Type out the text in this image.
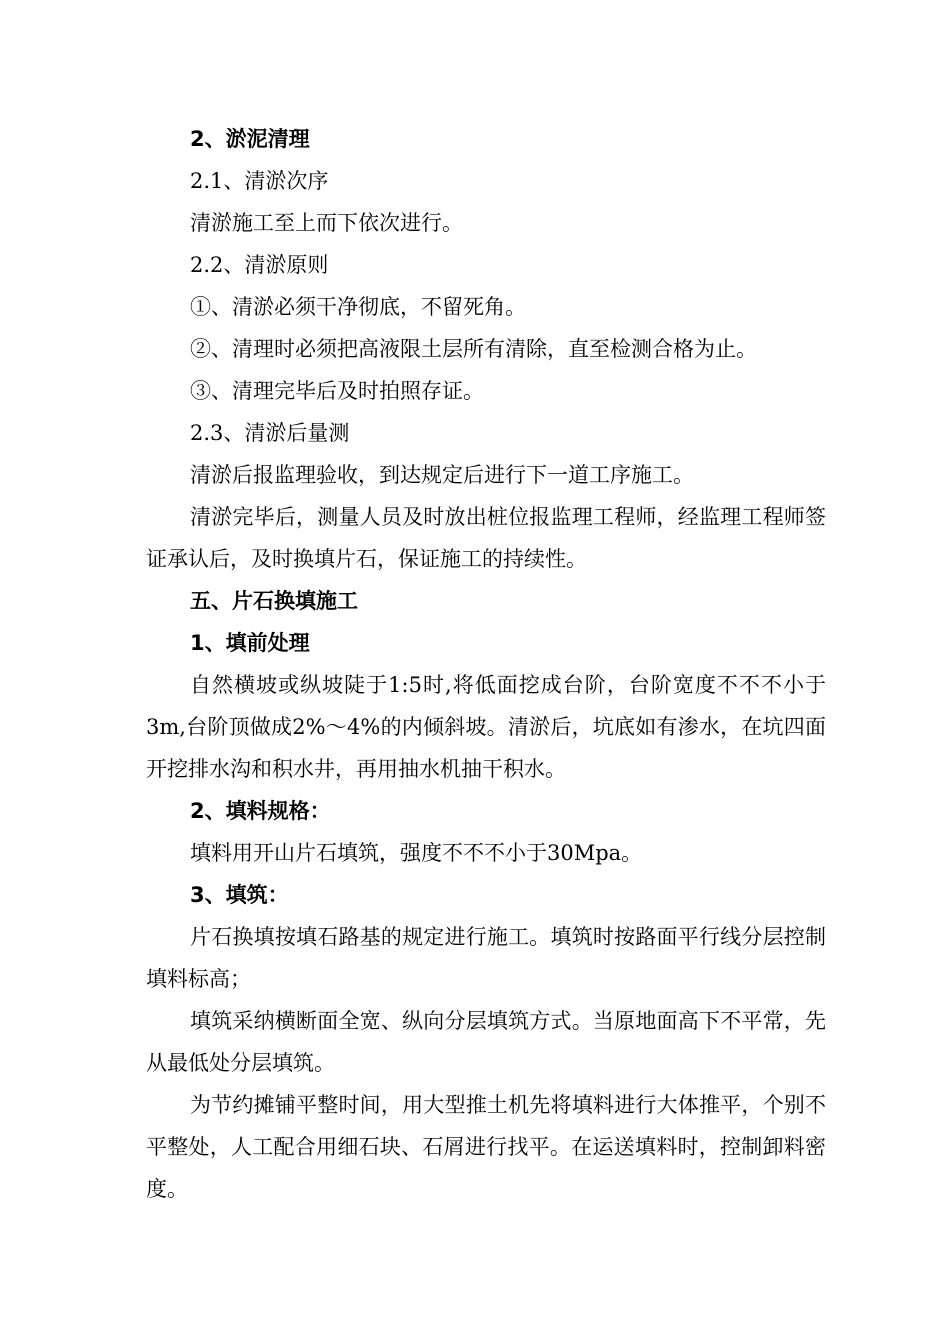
2、淤泥清理

2.1、清淤次序

清淤施工至上而下依次进行。

2.2、清淤原则

①、清淤必须干净彻底，不留死角。

②、清理时必须把高液限土层所有清除，直至检测合格为止。

③、清理完毕后及时拍照存证。

2.3、清淤后量测

清淤后报监理验收，到达规定后进行下一道工序施工。

清淤完毕后，测量人员及时放出桩位报监理工程师，经监理工程师签证承认后，及时换填片石，保证施工的持续性。

五、片石换填施工

1、填前处理

自然横坡或纵坡陡于1:5时,将低面挖成台阶，台阶宽度不不不小于3m,台阶顶做成2%～4%的内倾斜坡。清淤后，坑底如有渗水，在坑四面开挖排水沟和积水井，再用抽水机抽干积水。

2、填料规格：

填料用开山片石填筑，强度不不不小于30Mpa。

3、填筑：

片石换填按填石路基的规定进行施工。填筑时按路面平行线分层控制填料标高；

填筑采纳横断面全宽、纵向分层填筑方式。当原地面高下不平常，先从最低处分层填筑。

为节约摊铺平整时间，用大型推土机先将填料进行大体推平，个别不平整处，人工配合用细石块、石屑进行找平。在运送填料时，控制卸料密度。
